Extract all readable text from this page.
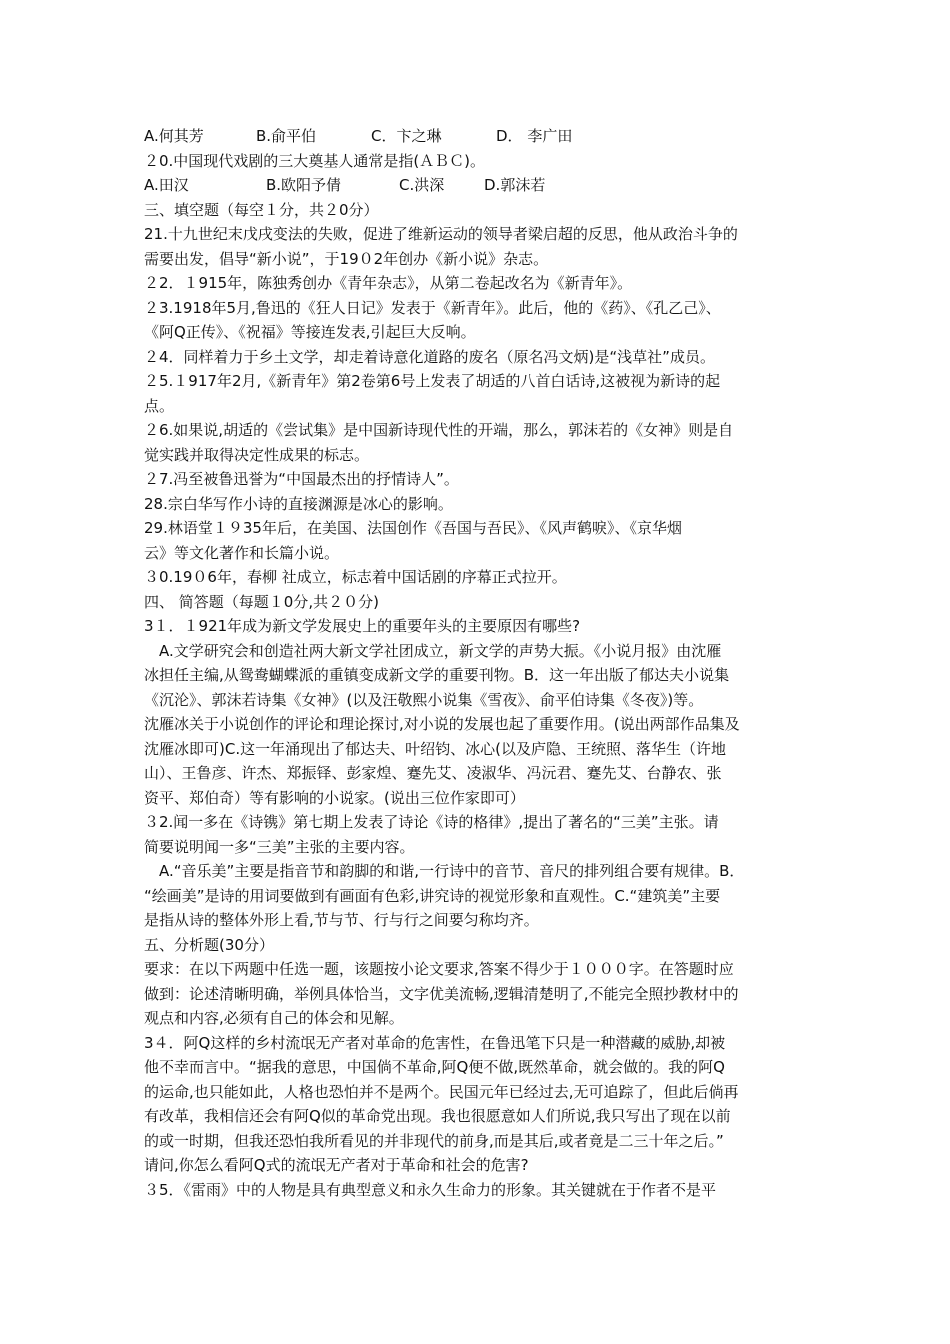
A.何其芳	B.俞平伯	C．卞之琳	D． 李广田
２0.中国现代戏剧的三大奠基人通常是指(ＡＢＣ)。
A.田汉	B.欧阳予倩	C.洪深	D.郭沫若
三、填空题（每空１分，共２0分）
21.十九世纪末戊戌变法的失败，促进了维新运动的领导者梁启超的反思，他从政治斗争的
需要出发，倡导“新小说”，于19０2年创办《新小说》杂志。
２2．１915年，陈独秀创办《青年杂志》，从第二卷起改名为《新青年》。
２3.1918年5月,鲁迅的《狂人日记》发表于《新青年》。此后，他的《药》、《孔乙己》、
《阿Q正传》、《祝福》等接连发表,引起巨大反响。
２4．同样着力于乡土文学，却走着诗意化道路的废名（原名冯文炳)是“浅草社”成员。
２5.１917年2月,《新青年》第2卷第6号上发表了胡适的八首白话诗,这被视为新诗的起
点。
２6.如果说,胡适的《尝试集》是中国新诗现代性的开端，那么，郭沫若的《女神》则是自
觉实践并取得决定性成果的标志。
２7.冯至被鲁迅誉为“中国最杰出的抒情诗人”。
28.宗白华写作小诗的直接渊源是冰心的影响。
29.林语堂１９35年后，在美国、法国创作《吾国与吾民》、《风声鹤唳》、《京华烟
云》等文化著作和长篇小说。
３0.19０6年，春柳 社成立，标志着中国话剧的序幕正式拉开。
四、 简答题（每题１0分,共２０分)
3１．１921年成为新文学发展史上的重要年头的主要原因有哪些?
　A.文学研究会和创造社两大新文学社团成立，新文学的声势大振。《小说月报》由沈雁
冰担任主编,从鸳鸯蝴蝶派的重镇变成新文学的重要刊物。B．这一年出版了郁达夫小说集
《沉沦》、郭沫若诗集《女神》(以及汪敬熙小说集《雪夜》、俞平伯诗集《冬夜》)等。
沈雁冰关于小说创作的评论和理论探讨,对小说的发展也起了重要作用。(说出两部作品集及
沈雁冰即可)C.这一年涌现出了郁达夫、叶绍钧、冰心(以及庐隐、王统照、落华生（许地
山）、王鲁彦、许杰、郑振铎、彭家煌、蹇先艾、凌淑华、冯沅君、蹇先艾、台静农、张
资平、郑伯奇）等有影响的小说家。(说出三位作家即可）
３2.闻一多在《诗镌》第七期上发表了诗论《诗的格律》,提出了著名的“三美”主张。请
简要说明闻一多“三美”主张的主要内容。
　A.“音乐美”主要是指音节和韵脚的和谐,一行诗中的音节、音尺的排列组合要有规律。B．
“绘画美”是诗的用词要做到有画面有色彩,讲究诗的视觉形象和直观性。C.“建筑美”主要
是指从诗的整体外形上看,节与节、行与行之间要匀称均齐。
五、分析题(30分）
要求：在以下两题中任选一题，该题按小论文要求,答案不得少于１０００字。在答题时应
做到：论述清晰明确，举例具体恰当，文字优美流畅,逻辑清楚明了,不能完全照抄教材中的
观点和内容,必须有自己的体会和见解。
3４．阿Q这样的乡村流氓无产者对革命的危害性，在鲁迅笔下只是一种潜藏的威胁,却被
他不幸而言中。“据我的意思，中国倘不革命,阿Q便不做,既然革命，就会做的。我的阿Q
的运命,也只能如此，人格也恐怕并不是两个。民国元年已经过去,无可追踪了，但此后倘再
有改革，我相信还会有阿Q似的革命党出现。我也很愿意如人们所说,我只写出了现在以前
的或一时期，但我还恐怕我所看见的并非现代的前身,而是其后,或者竟是二三十年之后。”
请问,你怎么看阿Q式的流氓无产者对于革命和社会的危害?
３5．《雷雨》中的人物是具有典型意义和永久生命力的形象。其关键就在于作者不是平
